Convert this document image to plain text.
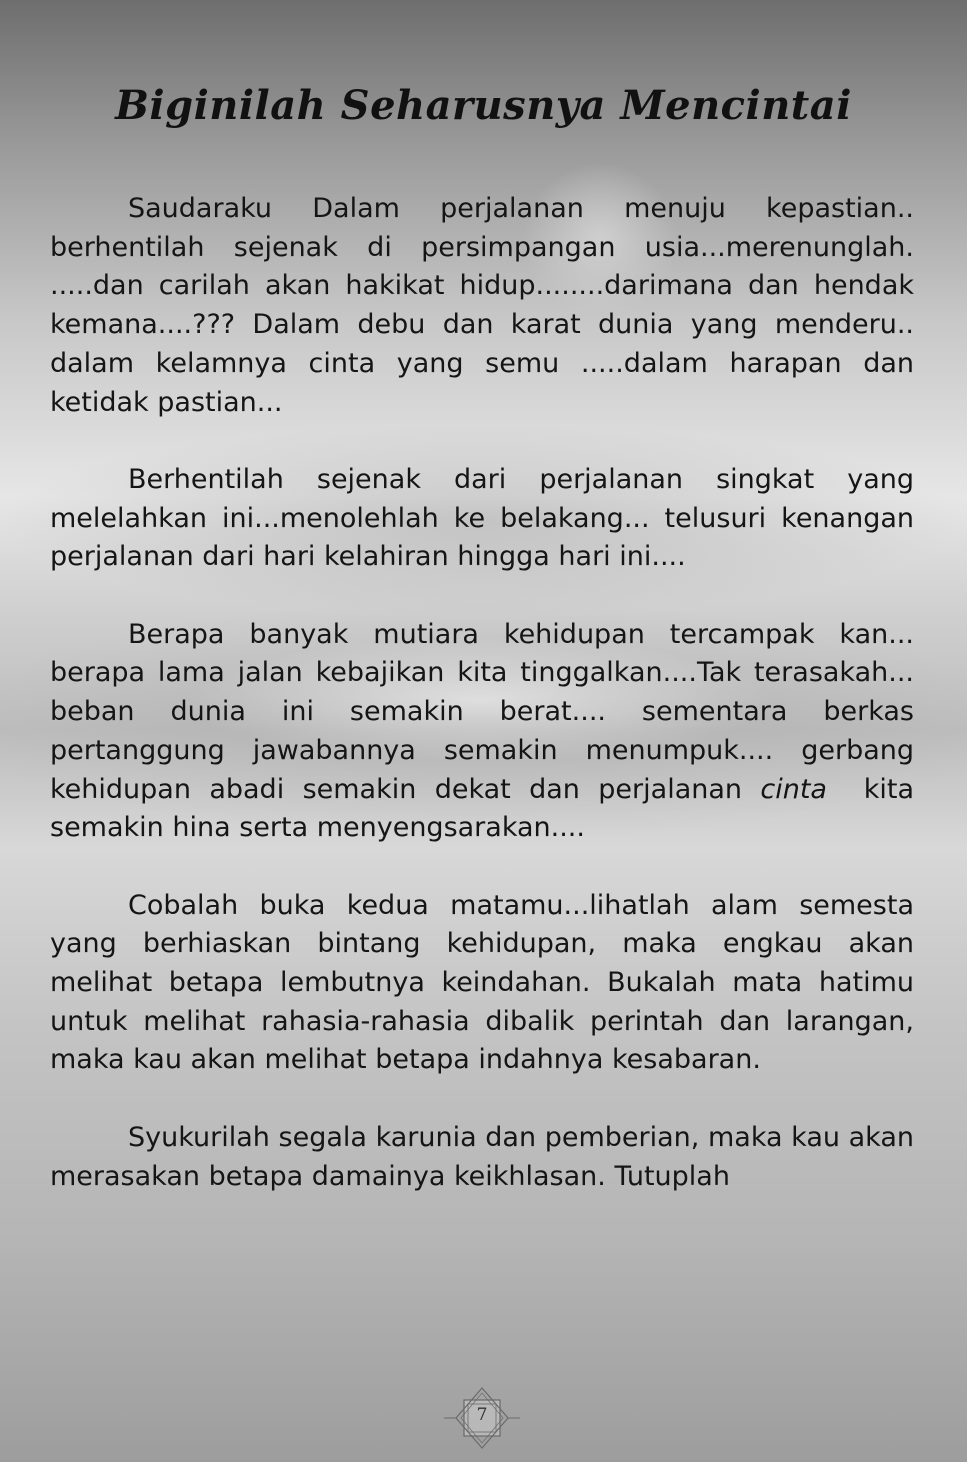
Biginilah Seharusnya Mencintai

Saudaraku Dalam perjalanan menuju kepastian.. berhentilah sejenak di persimpangan usia...merenunglah. .....dan carilah akan hakikat hidup........darimana dan hendak kemana....??? Dalam debu dan karat dunia yang menderu.. dalam kelamnya cinta yang semu .....dalam harapan dan ketidak pastian...

Berhentilah sejenak dari perjalanan singkat yang melelahkan ini...menolehlah ke belakang... telusuri kenangan perjalanan dari hari kelahiran hingga hari ini....

Berapa banyak mutiara kehidupan tercampak kan... berapa lama jalan kebajikan kita tinggalkan....Tak terasakah... beban dunia ini semakin berat.... sementara berkas pertanggung jawabannya semakin menumpuk.... gerbang kehidupan abadi semakin dekat dan perjalanan cinta  kita semakin hina serta menyengsarakan....

Cobalah buka kedua matamu...lihatlah alam semesta yang berhiaskan bintang kehidupan, maka engkau akan melihat betapa lembutnya keindahan. Bukalah mata hatimu untuk melihat rahasia-rahasia dibalik perintah dan larangan, maka kau akan melihat betapa indahnya kesabaran.

Syukurilah segala karunia dan pemberian, maka kau akan merasakan betapa damainya keikhlasan. Tutuplah

7
